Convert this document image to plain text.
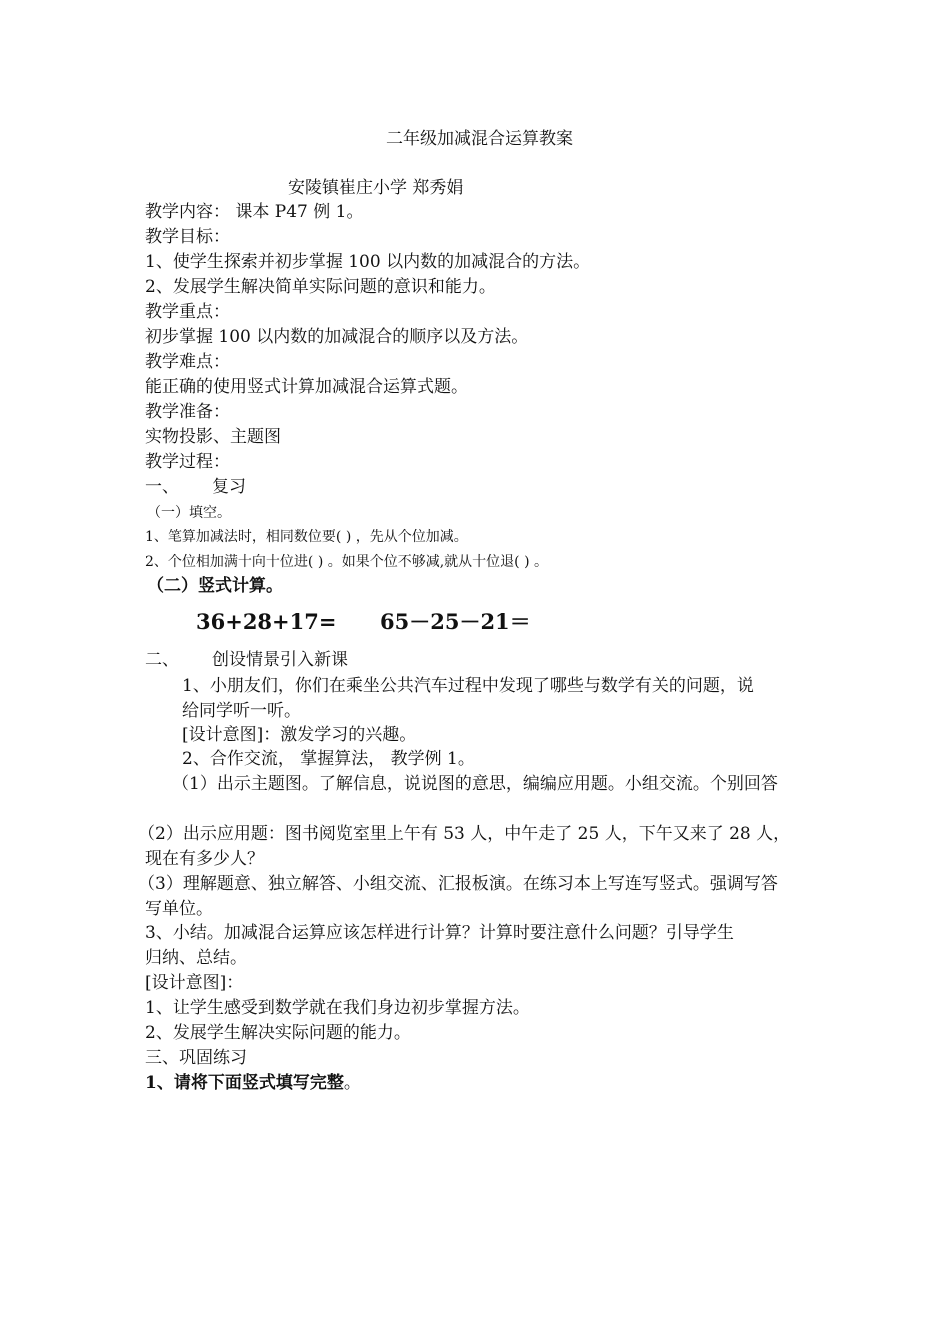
二年级加减混合运算教案
安陵镇崔庄小学 郑秀娟
教学内容： 课本 P47 例 1。
教学目标：
1、使学生探索并初步掌握 100 以内数的加减混合的方法。
2、发展学生解决简单实际问题的意识和能力。
教学重点：
初步掌握 100 以内数的加减混合的顺序以及方法。
教学难点：
能正确的使用竖式计算加减混合运算式题。
教学准备：
实物投影、主题图
教学过程：
一、 复习
（一）填空。
1、笔算加减法时，相同数位要( ) ，先从个位加减。
2、个位相加满十向十位进( ) 。如果个位不够减,就从十位退( ) 。
（二）竖式计算。
36+28+17= 65－25－21＝
二、 创设情景引入新课
1、小朋友们，你们在乘坐公共汽车过程中发现了哪些与数学有关的问题，说
给同学听一听。
[设计意图]：激发学习的兴趣。
2、合作交流， 掌握算法， 教学例 1。
（1）出示主题图。了解信息，说说图的意思，编编应用题。小组交流。个别回答
（2）出示应用题：图书阅览室里上午有 53 人，中午走了 25 人，下午又来了 28 人，
现在有多少人？
（3）理解题意、独立解答、小组交流、汇报板演。在练习本上写连写竖式。强调写答
写单位。
3、小结。加减混合运算应该怎样进行计算？计算时要注意什么问题？引导学生
归纳、总结。
[设计意图]：
1、让学生感受到数学就在我们身边初步掌握方法。
2、发展学生解决实际问题的能力。
三、巩固练习
1、请将下面竖式填写完整。
